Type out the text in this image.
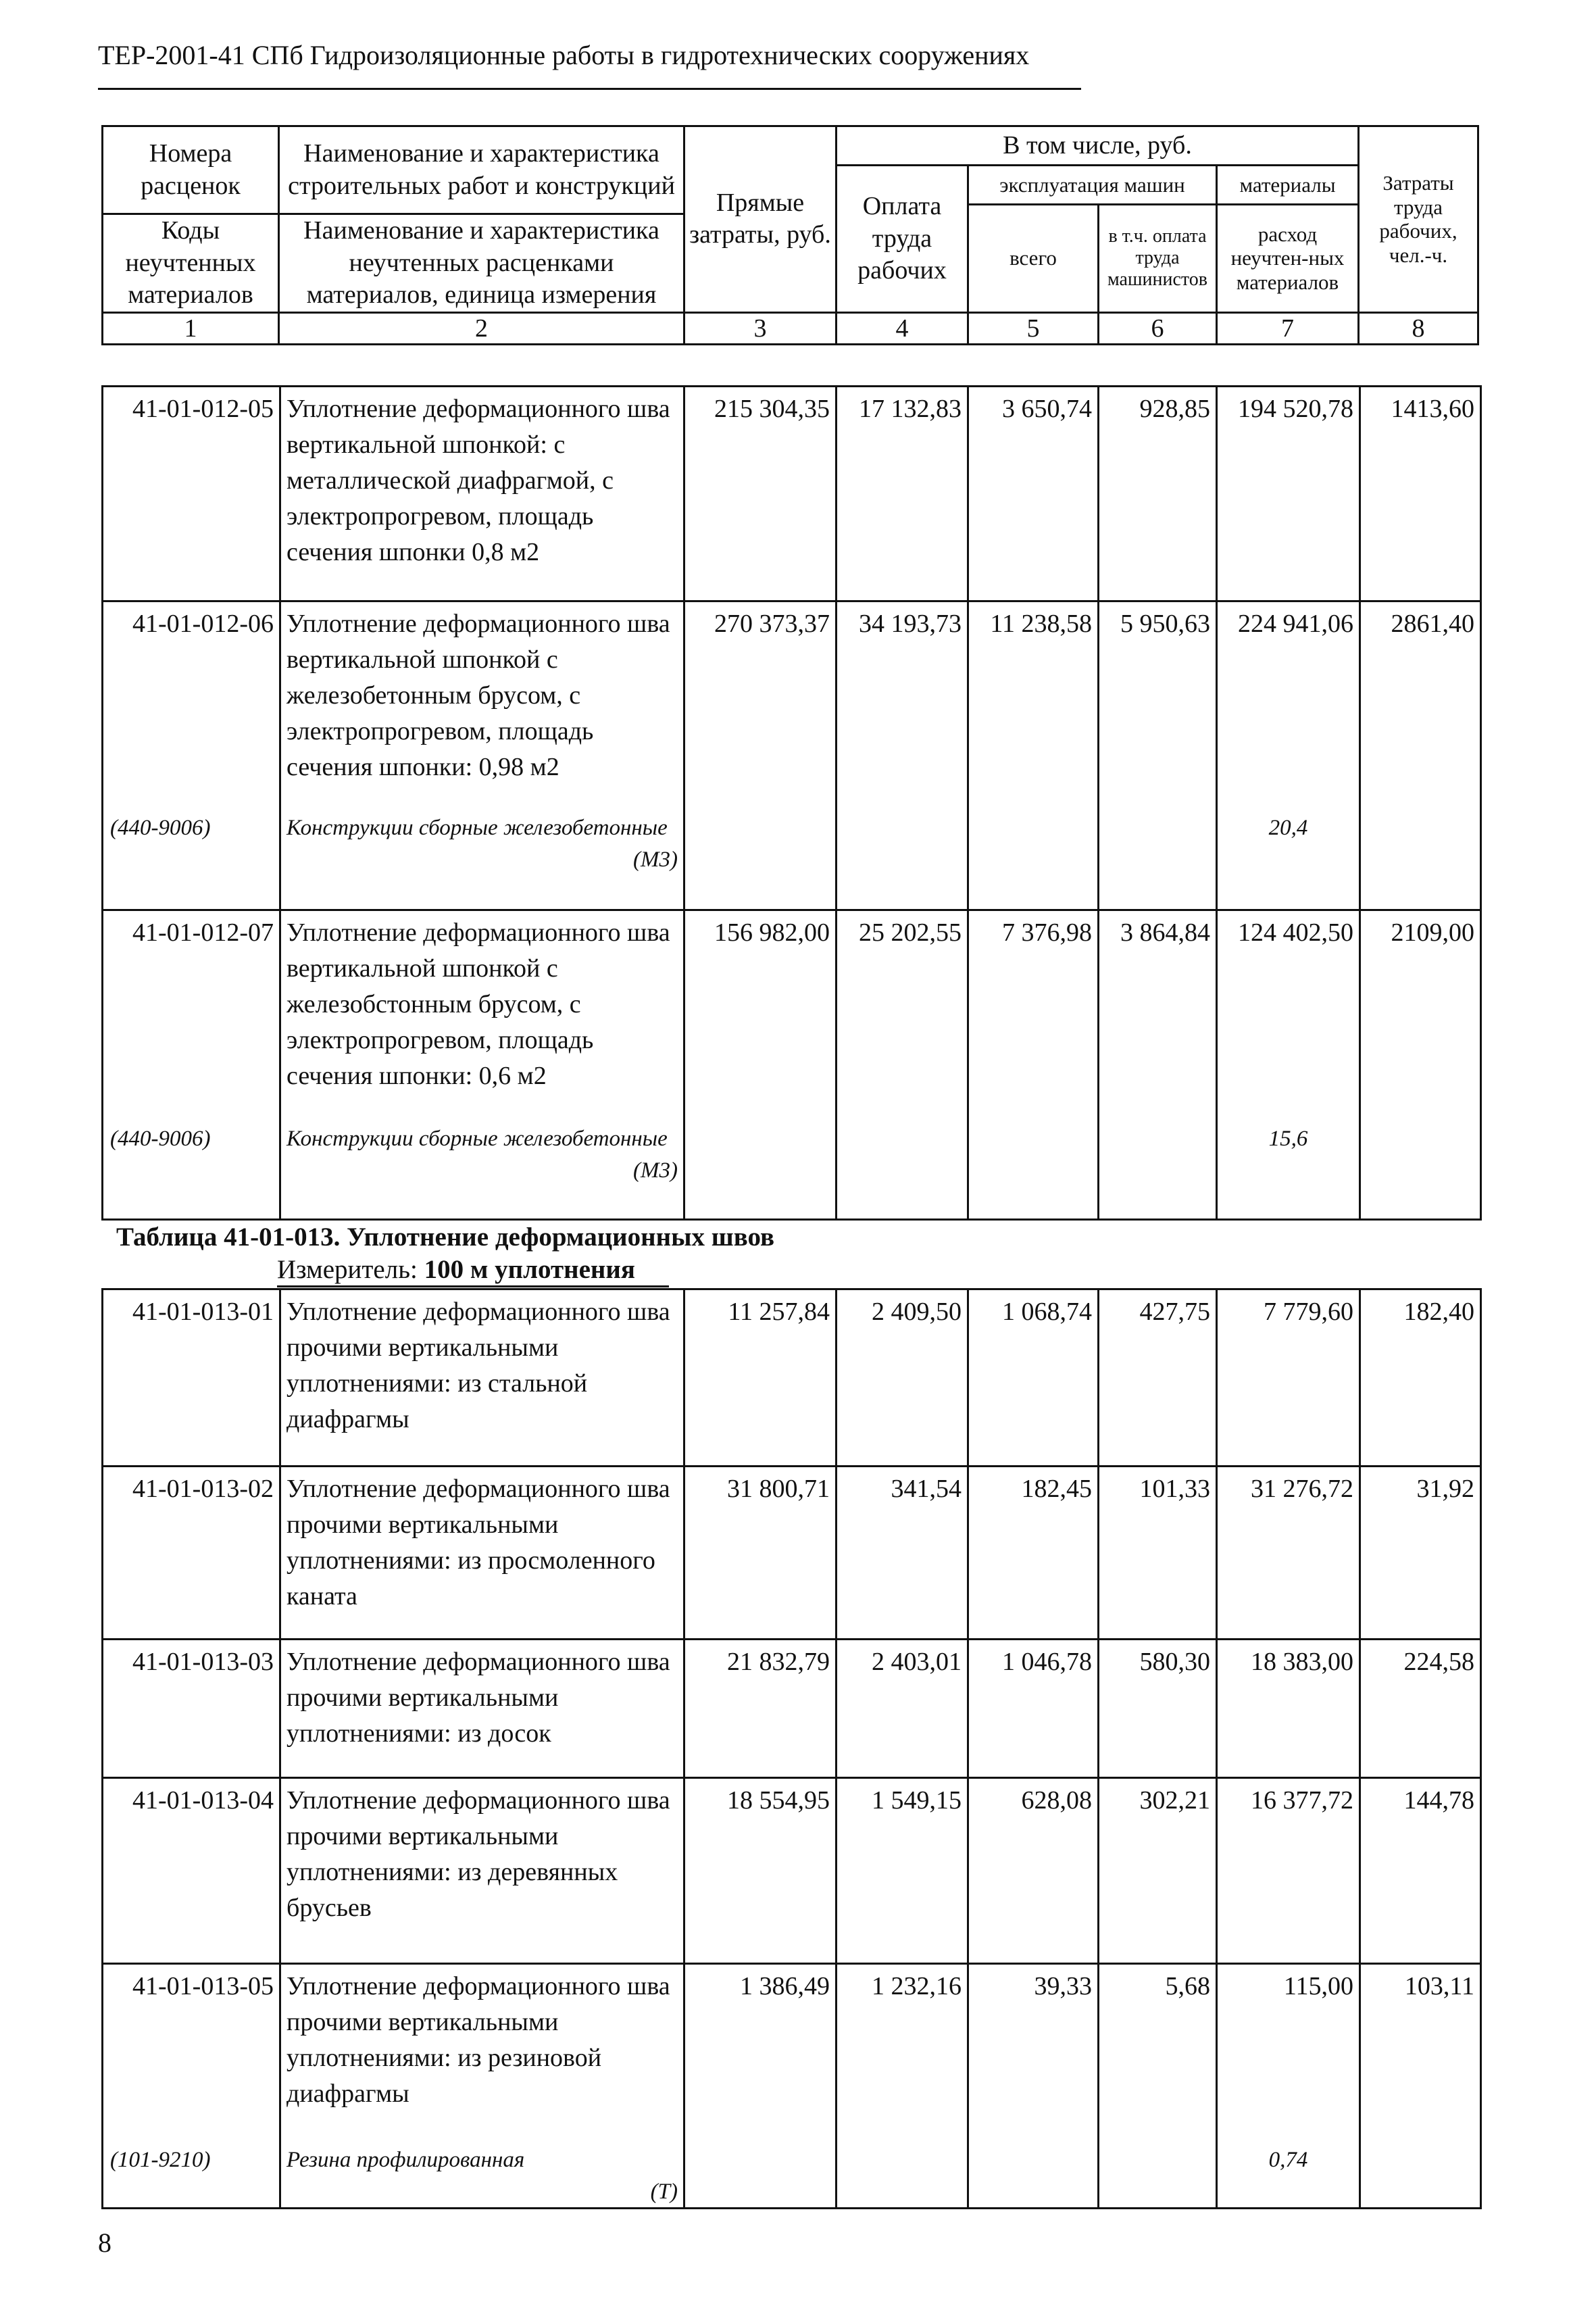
ТЕР-2001-41 СПб Гидроизоляционные работы в гидротехнических сооружениях
Номера расценок	Наименование и характеристика строительных работ и конструкций	Прямые затраты, руб.	В том числе, руб.				Затраты труда рабочих, чел.-ч.
			Оплата труда рабочих	эксплуатация машин		материалы	
				всего	в т.ч. оплата труда машинистов	расход неучтен-ных материалов	
Коды неучтенных материалов	Наименование и характеристика неучтенных расценками материалов, единица измерения						

1	2	3	4	5	6	7	8
41-01-012-05	Уплотнение деформационного шва вертикальной шпонкой: с металлической диафрагмой, с электропрогревом, площадь сечения шпонки 0,8 м2	215 304,35	17 132,83	3 650,74	928,85	194 520,78	1413,60
41-01-012-06	Уплотнение деформационного шва вертикальной шпонкой с железобетонным брусом, с электропрогревом, площадь сечения шпонки: 0,98 м2	270 373,37	34 193,73	11 238,58	5 950,63	224 941,06	2861,40
(440-9006)	Конструкции сборные железобетонные
(М3)					20,4	
41-01-012-07	Уплотнение деформационного шва вертикальной шпонкой с железобстонным брусом, с электропрогревом, площадь сечения шпонки: 0,6 м2	156 982,00	25 202,55	7 376,98	3 864,84	124 402,50	2109,00
(440-9006)	Конструкции сборные железобетонные
(М3)					15,6	
Таблица 41-01-013. Уплотнение деформационных швов
Измеритель: 100 м уплотнения
41-01-013-01	Уплотнение деформационного шва прочими вертикальными уплотнениями: из стальной диафрагмы	11 257,84	2 409,50	1 068,74	427,75	7 779,60	182,40
41-01-013-02	Уплотнение деформационного шва прочими вертикальными уплотнениями: из просмоленного каната	31 800,71	341,54	182,45	101,33	31 276,72	31,92
41-01-013-03	Уплотнение деформационного шва прочими вертикальными уплотнениями: из досок	21 832,79	2 403,01	1 046,78	580,30	18 383,00	224,58
41-01-013-04	Уплотнение деформационного шва прочими вертикальными уплотнениями: из деревянных брусьев	18 554,95	1 549,15	628,08	302,21	16 377,72	144,78
41-01-013-05	Уплотнение деформационного шва прочими вертикальными уплотнениями: из резиновой диафрагмы	1 386,49	1 232,16	39,33	5,68	115,00	103,11
(101-9210)	Резина профилированная
(Т)					0,74	
8
